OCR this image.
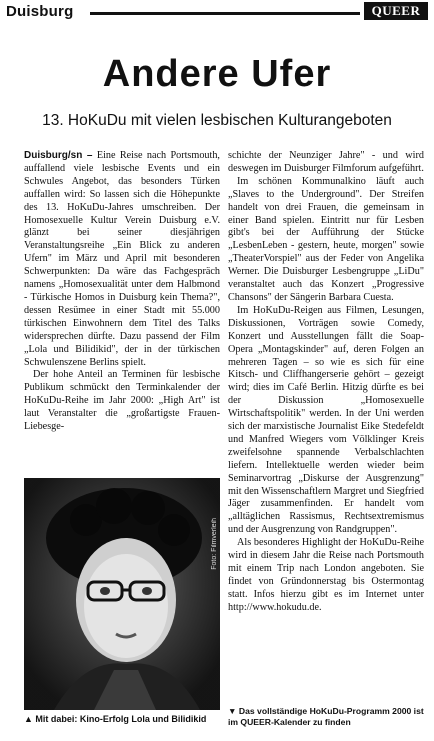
Duisburg	QUEER
Andere Ufer
13. HoKuDu mit vielen lesbischen Kulturangeboten

Duisburg/sn – Eine Reise nach Portsmouth, auffallend viele lesbische Events und ein Schwules Angebot, das besonders Türken auffallen wird: So lassen sich die Höhepunkte des 13. HoKuDu-Jahres umschreiben. Der Homosexuelle Kultur Verein Duisburg e.V. glänzt bei seiner diesjährigen Veranstaltungsreihe „Ein Blick zu anderen Ufern" im März und April mit besonderen Schwerpunkten: Da wäre das Fachgespräch namens „Homosexualität unter dem Halbmond - Türkische Homos in Duisburg kein Thema?", dessen Resümee in einer Stadt mit 55.000 türkischen Einwohnern dem Titel des Talks widersprechen dürfte. Dazu passend der Film „Lola und Bilidikid", der in der türkischen Schwulenszene Berlins spielt.

Der hohe Anteil an Terminen für lesbische Publikum schmückt den Terminkalender der HoKuDu-Reihe im Jahr 2000: „High Art" ist laut Veranstalter die „großartigste Frauen-Liebesge-

Foto: Filmverleih
▲ Mit dabei: Kino-Erfolg Lola und Bilidikid

schichte der Neunziger Jahre" - und wird deswegen im Duisburger Filmforum aufgeführt.

Im schönen Kommunalkino läuft auch „Slaves to the Underground". Der Streifen handelt von drei Frauen, die gemeinsam in einer Band spielen. Eintritt nur für Lesben gibt's bei der Aufführung der Stücke „LesbenLeben - gestern, heute, morgen" sowie „TheaterVorspiel" aus der Feder von Angelika Werner. Die Duisburger Lesbengruppe „LiDu" veranstaltet auch das Konzert „Progressive Chansons" der Sängerin Barbara Cuesta.

Im HoKuDu-Reigen aus Filmen, Lesungen, Diskussionen, Vorträgen sowie Comedy, Konzert und Ausstellungen fällt die Soap-Opera „Montagskinder" auf, deren Folgen an mehreren Tagen – so wie es sich für eine Kitsch- und Cliffhangerserie gehört – gezeigt wird; dies im Café Berlin. Hitzig dürfte es bei der Diskussion „Homosexuelle Wirtschaftspolitik" werden. In der Uni werden sich der marxistische Journalist Eike Stedefeldt und Manfred Wiegers vom Völklinger Kreis zweifelsohne spannende Verbalschlachten liefern. Intellektuelle werden wieder beim Seminarvortrag „Diskurse der Ausgrenzung" mit den Wissenschaftlern Margret und Siegfried Jäger zusammenfinden. Er handelt vom „alltäglichen Rassismus, Rechtsextremismus und der Ausgrenzung von Randgruppen".

Als besonderes Highlight der HoKuDu-Reihe wird in diesem Jahr die Reise nach Portsmouth mit einem Trip nach London angeboten. Sie findet von Gründonnerstag bis Ostermontag statt. Infos hierzu gibt es im Internet unter http://www.hokudu.de.

▼ Das vollständige HoKuDu-Programm 2000 ist im QUEER-Kalender zu finden
